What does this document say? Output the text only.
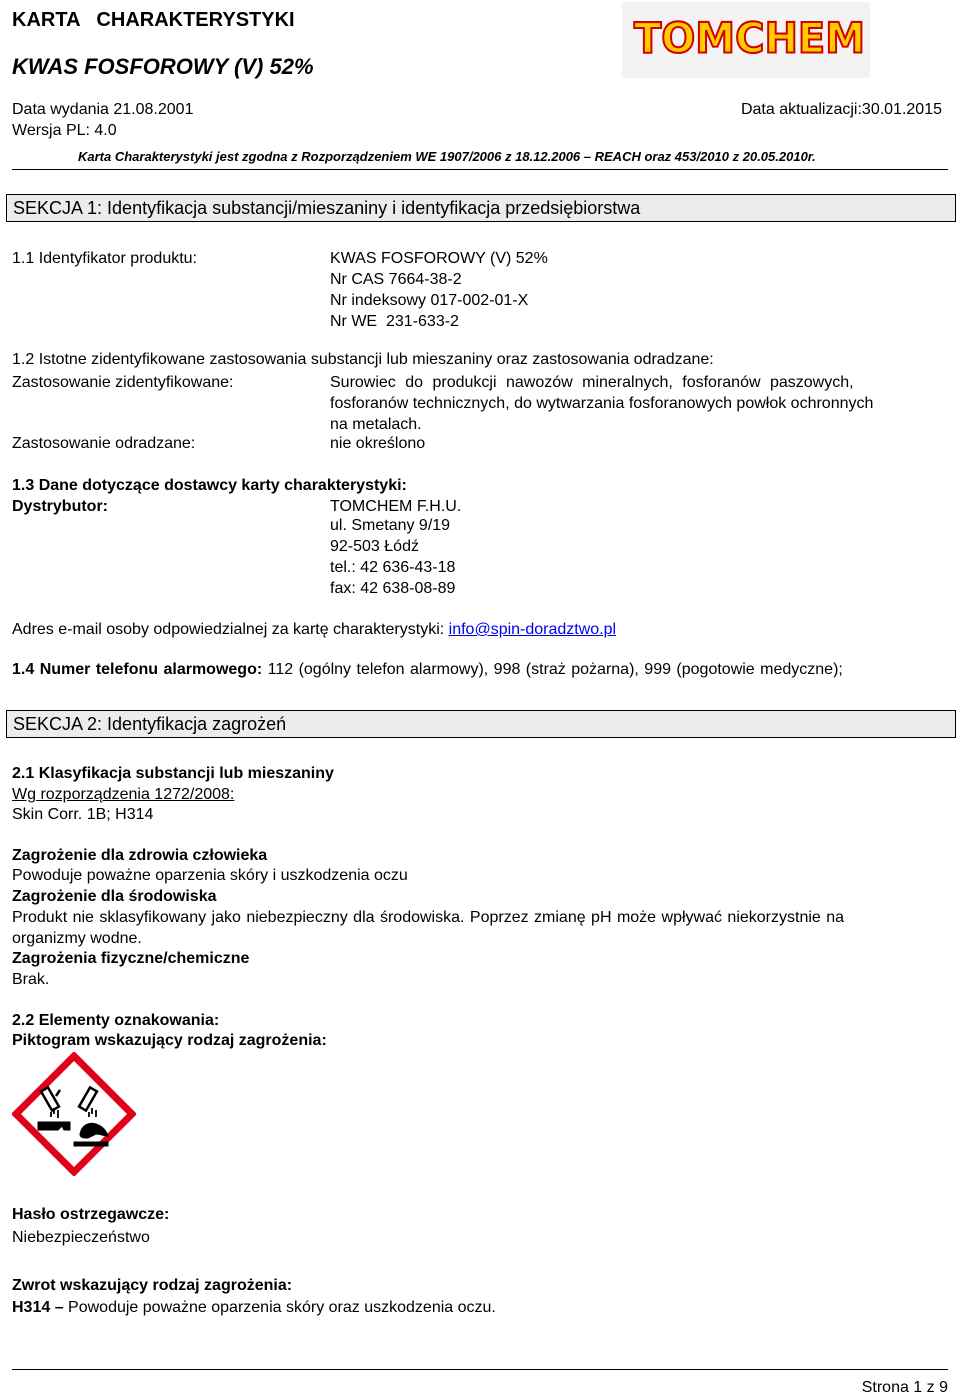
KARTA   CHARAKTERYSTYKI
KWAS FOSFOROWY (V) 52%
TOMCHEM
Data wydania 21.08.2001	Data aktualizacji:30.01.2015
Wersja PL: 4.0
Karta Charakterystyki jest zgodna z Rozporządzeniem WE 1907/2006 z 18.12.2006 – REACH oraz 453/2010 z 20.05.2010r.
SEKCJA 1: Identyfikacja substancji/mieszaniny i identyfikacja przedsiębiorstwa
1.1 Identyfikator produktu:	KWAS FOSFOROWY (V) 52%
Nr CAS 7664-38-2
Nr indeksowy 017-002-01-X
Nr WE  231-633-2
1.2 Istotne zidentyfikowane zastosowania substancji lub mieszaniny oraz zastosowania odradzane:
Zastosowanie zidentyfikowane:	Surowiec do produkcji nawozów mineralnych, fosforanów paszowych,
fosforanów technicznych, do wytwarzania fosforanowych powłok ochronnych
na metalach.
Zastosowanie odradzane:	nie określono
1.3 Dane dotyczące dostawcy karty charakterystyki:
Dystrybutor:	TOMCHEM F.H.U.
ul. Smetany 9/19
92-503 Łódź
tel.: 42 636-43-18
fax: 42 638-08-89
Adres e-mail osoby odpowiedzialnej za kartę charakterystyki: info@spin-doradztwo.pl
1.4 Numer telefonu alarmowego: 112 (ogólny telefon alarmowy), 998 (straż pożarna), 999 (pogotowie medyczne);
SEKCJA 2: Identyfikacja zagrożeń
2.1 Klasyfikacja substancji lub mieszaniny
Wg rozporządzenia 1272/2008:
Skin Corr. 1B; H314
Zagrożenie dla zdrowia człowieka
Powoduje poważne oparzenia skóry i uszkodzenia oczu
Zagrożenie dla środowiska
Produkt nie sklasyfikowany jako niebezpieczny dla środowiska. Poprzez zmianę pH może wpływać niekorzystnie na
organizmy wodne.
Zagrożenia fizyczne/chemiczne
Brak.
2.2 Elementy oznakowania:
Piktogram wskazujący rodzaj zagrożenia:
Hasło ostrzegawcze:
Niebezpieczeństwo
Zwrot wskazujący rodzaj zagrożenia:
H314 – Powoduje poważne oparzenia skóry oraz uszkodzenia oczu.
Strona 1 z 9
